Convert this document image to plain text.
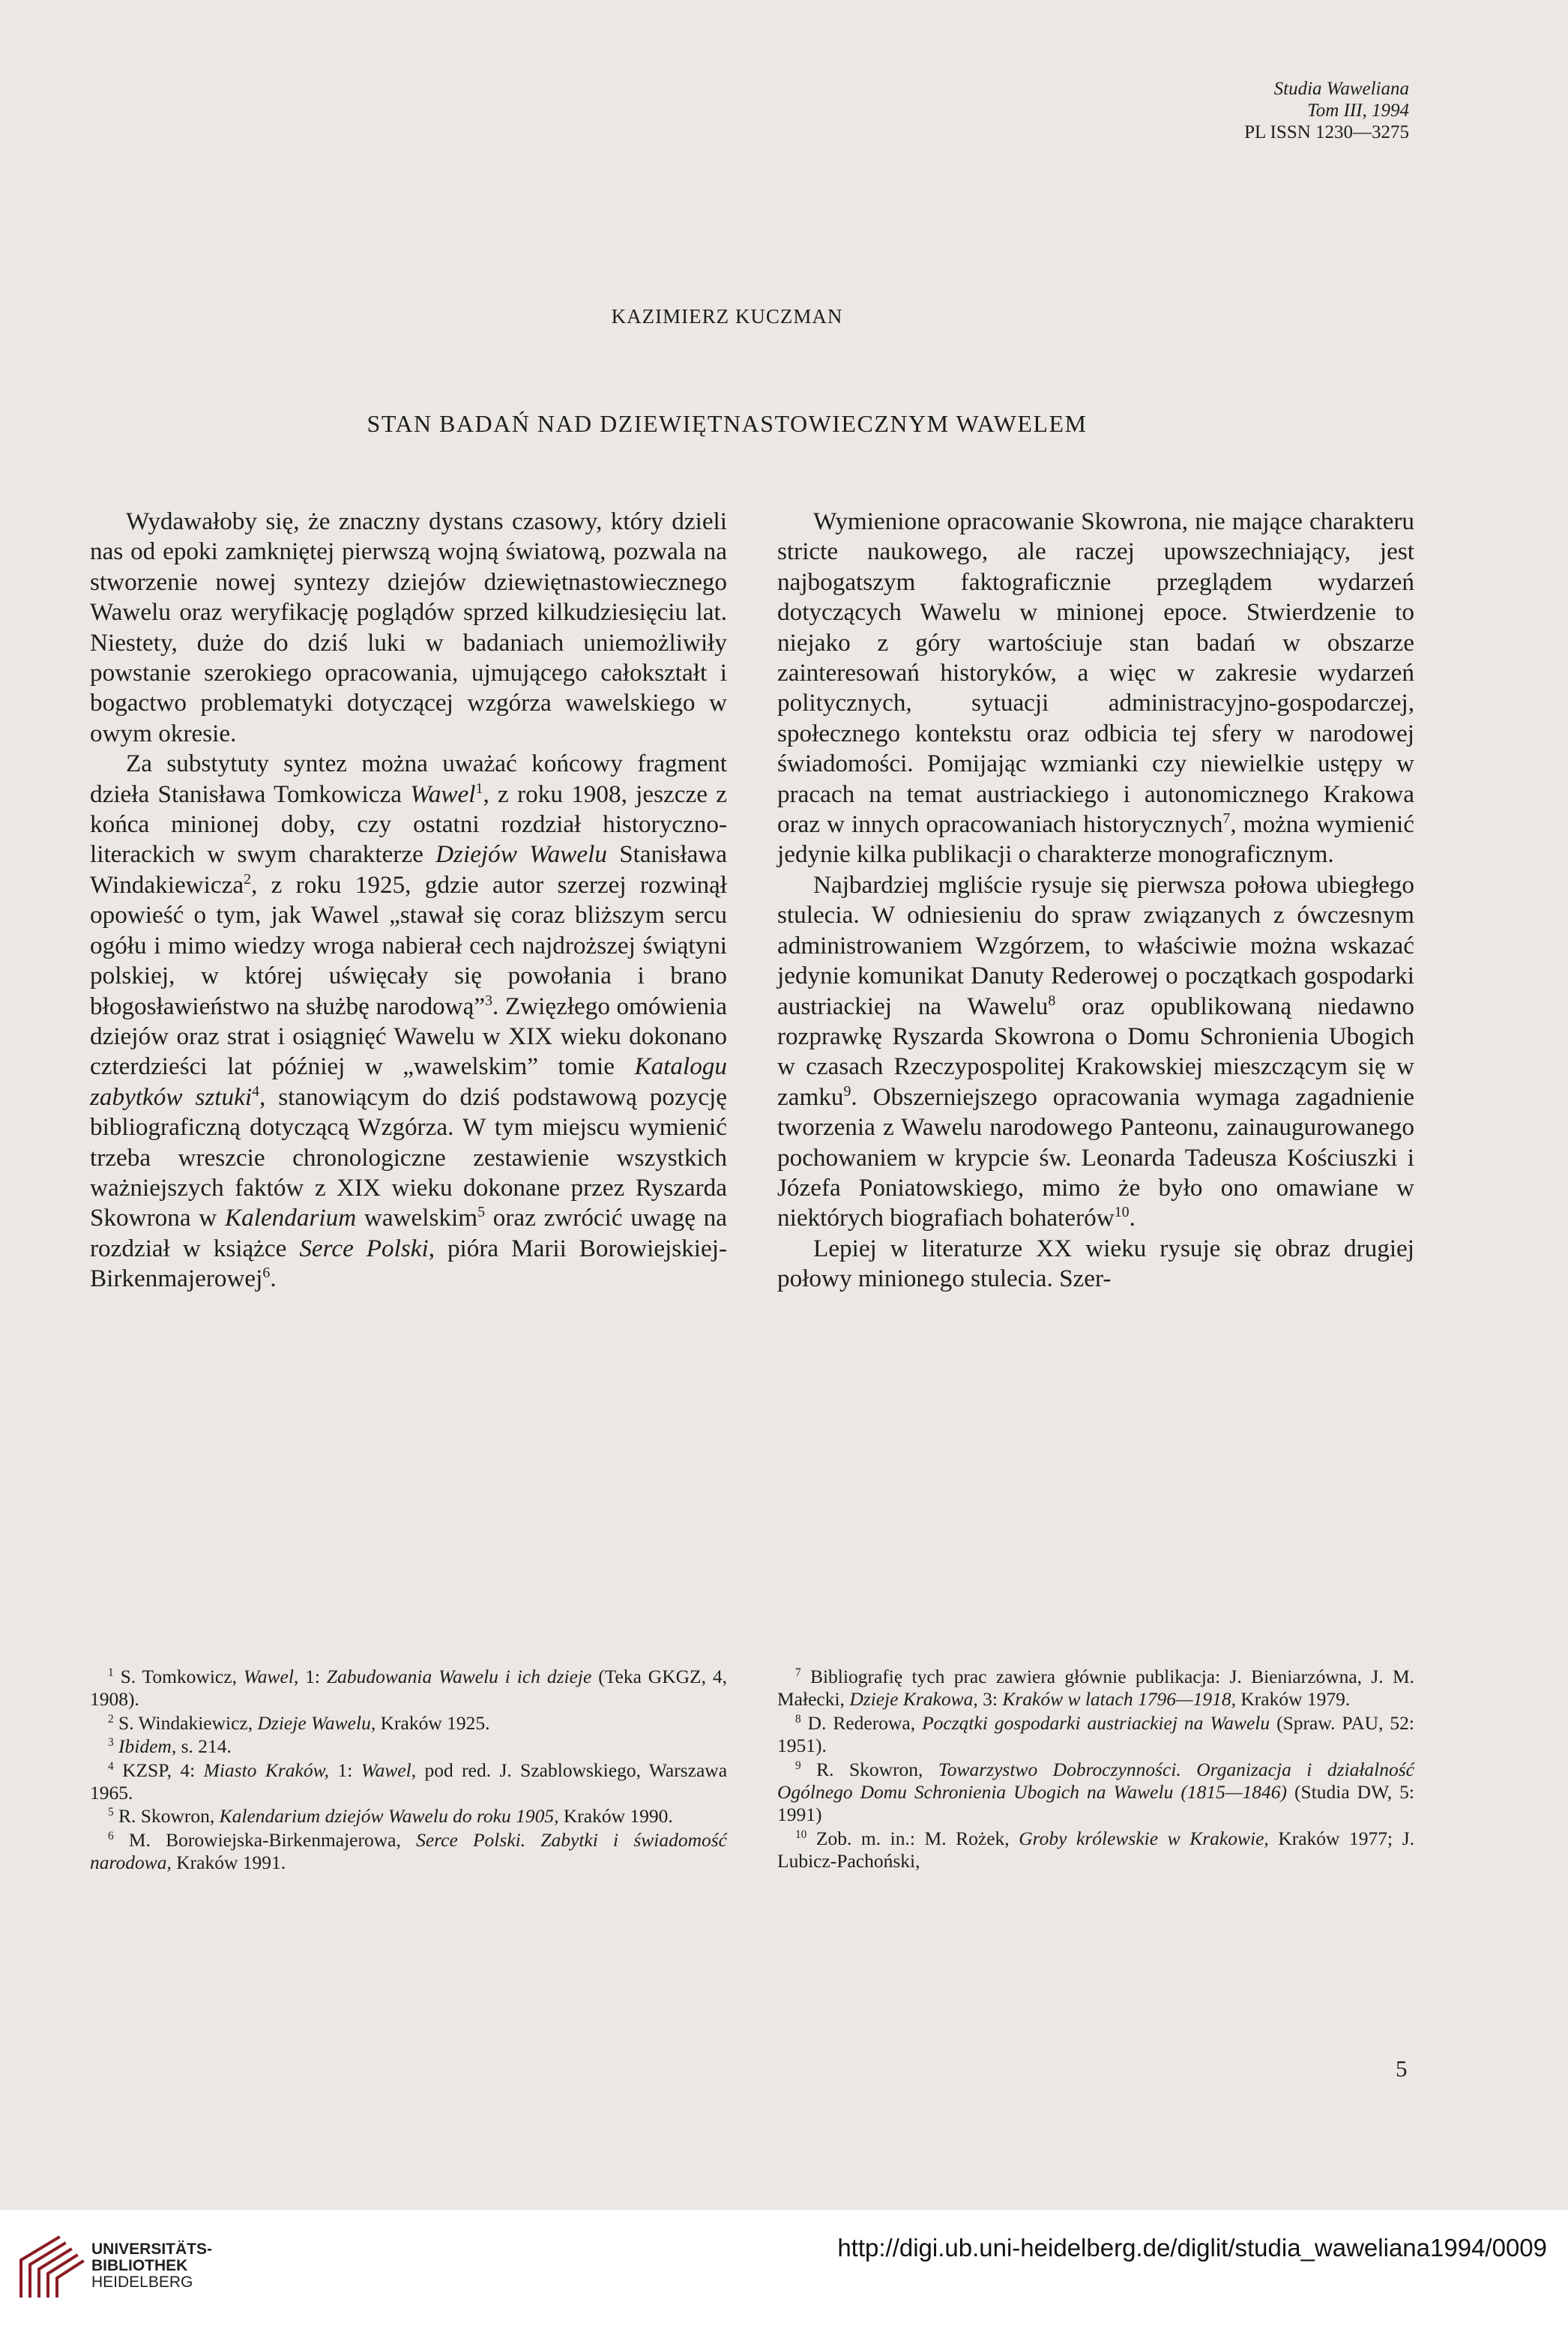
Studia Waweliana
Tom III, 1994
PL ISSN 1230—3275
KAZIMIERZ KUCZMAN
STAN BADAŃ NAD DZIEWIĘTNASTOWIECZNYM WAWELEM

Wydawałoby się, że znaczny dystans czasowy, który dzieli nas od epoki zamkniętej pierwszą wojną światową, pozwala na stworzenie nowej syntezy dziejów dziewiętnastowiecznego Wawelu oraz weryfikację poglądów sprzed kilkudziesięciu lat. Niestety, duże do dziś luki w badaniach uniemożliwiły powstanie szerokiego opracowania, ujmującego całokształt i bogactwo problematyki dotyczącej wzgórza wawelskiego w owym okresie.

Za substytuty syntez można uważać końcowy fragment dzieła Stanisława Tomkowicza Wawel$^1$, z roku 1908, jeszcze z końca minionej doby, czy ostatni rozdział historyczno-literackich w swym charakterze Dziejów Wawelu Stanisława Windakiewicza$^2$, z roku 1925, gdzie autor szerzej rozwinął opowieść o tym, jak Wawel „stawał się coraz bliższym sercu ogółu i mimo wiedzy wroga nabierał cech najdroższej świątyni polskiej, w której uświęcały się powołania i brano błogosławieństwo na służbę narodową”$^3$. Zwięzłego omówienia dziejów oraz strat i osiągnięć Wawelu w XIX wieku dokonano czterdzieści lat później w „wawelskim” tomie Katalogu zabytków sztuki$^4$, stanowiącym do dziś podstawową pozycję bibliograficzną dotyczącą Wzgórza. W tym miejscu wymienić trzeba wreszcie chronologiczne zestawienie wszystkich ważniejszych faktów z XIX wieku dokonane przez Ryszarda Skowrona w Kalendarium wawelskim$^5$ oraz zwrócić uwagę na rozdział w książce Serce Polski, pióra Marii Borowiejskiej-Birkenmajerowej$^6$.

Wymienione opracowanie Skowrona, nie mające charakteru stricte naukowego, ale raczej upowszechniający, jest najbogatszym faktograficznie przeglądem wydarzeń dotyczących Wawelu w minionej epoce. Stwierdzenie to niejako z góry wartościuje stan badań w obszarze zainteresowań historyków, a więc w zakresie wydarzeń politycznych, sytuacji administracyjno-gospodarczej, społecznego kontekstu oraz odbicia tej sfery w narodowej świadomości. Pomijając wzmianki czy niewielkie ustępy w pracach na temat austriackiego i autonomicznego Krakowa oraz w innych opracowaniach historycznych$^7$, można wymienić jedynie kilka publikacji o charakterze monograficznym.

Najbardziej mgliście rysuje się pierwsza połowa ubiegłego stulecia. W odniesieniu do spraw związanych z ówczesnym administrowaniem Wzgórzem, to właściwie można wskazać jedynie komunikat Danuty Rederowej o początkach gospodarki austriackiej na Wawelu$^8$ oraz opublikowaną niedawno rozprawkę Ryszarda Skowrona o Domu Schronienia Ubogich w czasach Rzeczypospolitej Krakowskiej mieszczącym się w zamku$^9$. Obszerniejszego opracowania wymaga zagadnienie tworzenia z Wawelu narodowego Panteonu, zainaugurowanego pochowaniem w krypcie św. Leonarda Tadeusza Kościuszki i Józefa Poniatowskiego, mimo że było ono omawiane w niektórych biografiach bohaterów$^{10}$.

Lepiej w literaturze XX wieku rysuje się obraz drugiej połowy minionego stulecia. Szer-

$^1$ S. Tomkowicz, Wawel, 1: Zabudowania Wawelu i ich dzieje (Teka GKGZ, 4, 1908).

$^2$ S. Windakiewicz, Dzieje Wawelu, Kraków 1925.

$^3$ Ibidem, s. 214.

$^4$ KZSP, 4: Miasto Kraków, 1: Wawel, pod red. J. Szablowskiego, Warszawa 1965.

$^5$ R. Skowron, Kalendarium dziejów Wawelu do roku 1905, Kraków 1990.

$^6$ M. Borowiejska-Birkenmajerowa, Serce Polski. Zabytki i świadomość narodowa, Kraków 1991.

$^7$ Bibliografię tych prac zawiera głównie publikacja: J. Bieniarzówna, J. M. Małecki, Dzieje Krakowa, 3: Kraków w latach 1796—1918, Kraków 1979.

$^8$ D. Rederowa, Początki gospodarki austriackiej na Wawelu (Spraw. PAU, 52: 1951).

$^9$ R. Skowron, Towarzystwo Dobroczynności. Organizacja i działalność Ogólnego Domu Schronienia Ubogich na Wawelu (1815—1846) (Studia DW, 5: 1991)

$^{10}$ Zob. m. in.: M. Rożek, Groby królewskie w Krakowie, Kraków 1977; J. Lubicz-Pachoński,

5
UNIVERSITÄTS-
BIBLIOTHEK
HEIDELBERG
http://digi.ub.uni-heidelberg.de/diglit/studia_waweliana1994/0009
